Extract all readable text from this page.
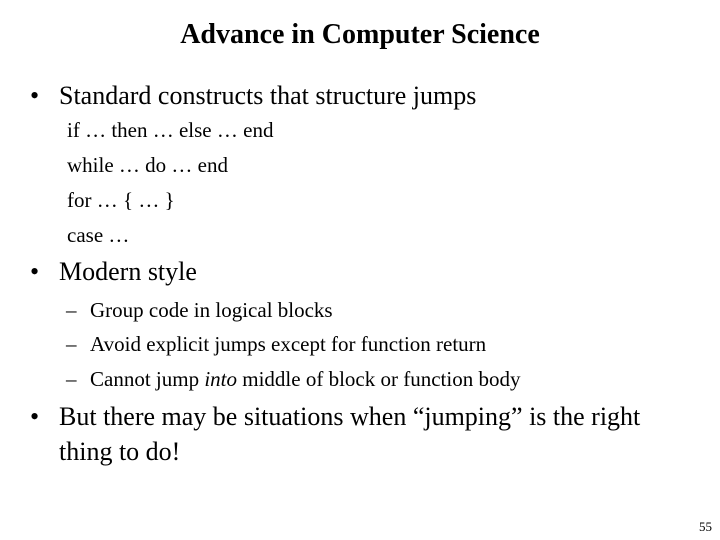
Advance in Computer Science
• Standard constructs that structure jumps
if … then … else … end
while … do … end
for … { … }
case …
• Modern style
– Group code in logical blocks
– Avoid explicit jumps except for function return
– Cannot jump into middle of block or function body
• But there may be situations when “jumping” is the right thing to do!
55
